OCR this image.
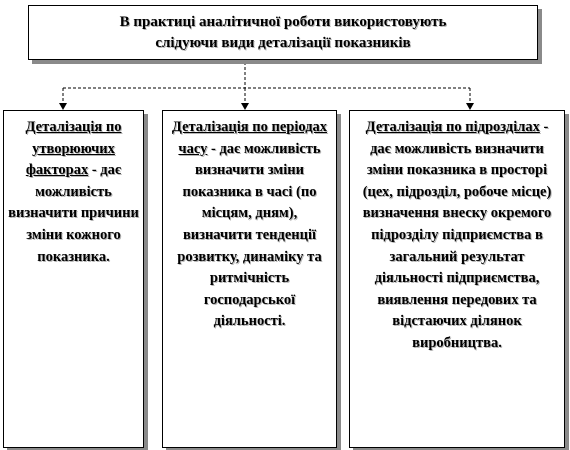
В практиці аналітичної роботи використовують
слідуючи види деталізації показників
Деталізація по утворюючих факторах - дає можливість визначити причини зміни кожного показника.
Деталізація по періодах часу - дає можливість визначити зміни показника в часі (по місцям, дням), визначити тенденції розвитку, динаміку та ритмічність господарської діяльності.
Деталізація по підрозділах - дає можливість визначити зміни показника в просторі (цех, підрозділ, робоче місце) визначення внеску окремого підрозділу підприємства в загальний результат діяльності підприємства, виявлення передових та відстаючих ділянок виробництва.
